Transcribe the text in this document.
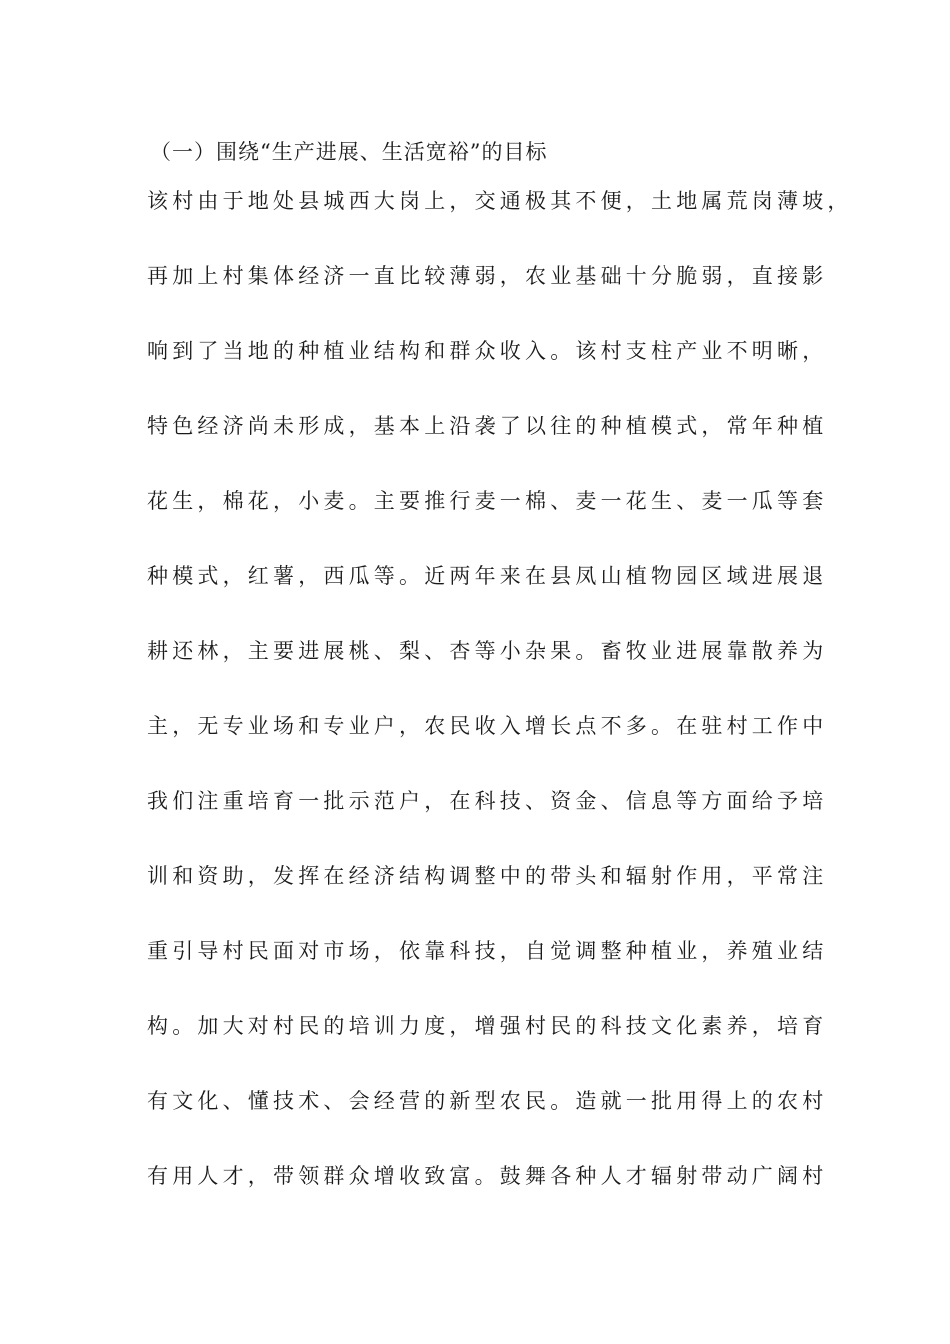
（一）围绕“生产进展、生活宽裕”的目标
该村由于地处县城西大岗上，交通极其不便，土地属荒岗薄坡，
再加上村集体经济一直比较薄弱，农业基础十分脆弱，直接影
响到了当地的种植业结构和群众收入。该村支柱产业不明晰，
特色经济尚未形成，基本上沿袭了以往的种植模式，常年种植
花生，棉花，小麦。主要推行麦一棉、麦一花生、麦一瓜等套
种模式，红薯，西瓜等。近两年来在县凤山植物园区域进展退
耕还林，主要进展桃、梨、杏等小杂果。畜牧业进展靠散养为
主，无专业场和专业户，农民收入增长点不多。在驻村工作中
我们注重培育一批示范户，在科技、资金、信息等方面给予培
训和资助，发挥在经济结构调整中的带头和辐射作用，平常注
重引导村民面对市场，依靠科技，自觉调整种植业，养殖业结
构。加大对村民的培训力度，增强村民的科技文化素养，培育
有文化、懂技术、会经营的新型农民。造就一批用得上的农村
有用人才，带领群众增收致富。鼓舞各种人才辐射带动广阔村
